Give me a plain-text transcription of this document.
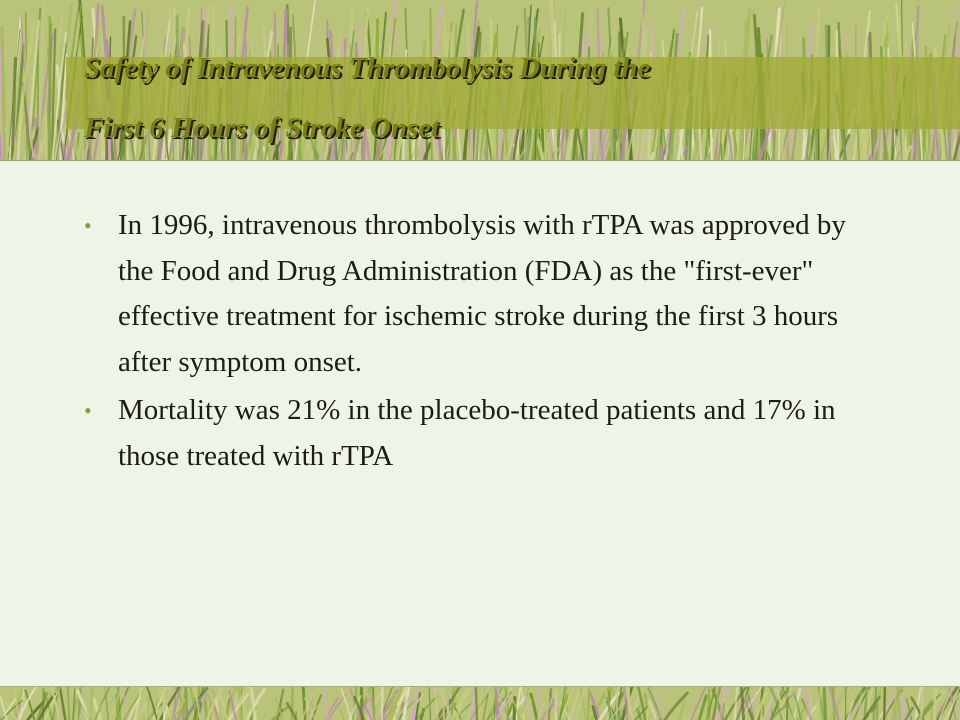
Safety of Intravenous Thrombolysis During the
First 6 Hours of Stroke Onset
• In 1996, intravenous thrombolysis with rTPA was approved by the Food and Drug Administration (FDA) as the "first-ever" effective treatment for ischemic stroke during the first 3 hours after symptom onset.
• Mortality was 21% in the placebo-treated patients and 17% in those treated with rTPA
